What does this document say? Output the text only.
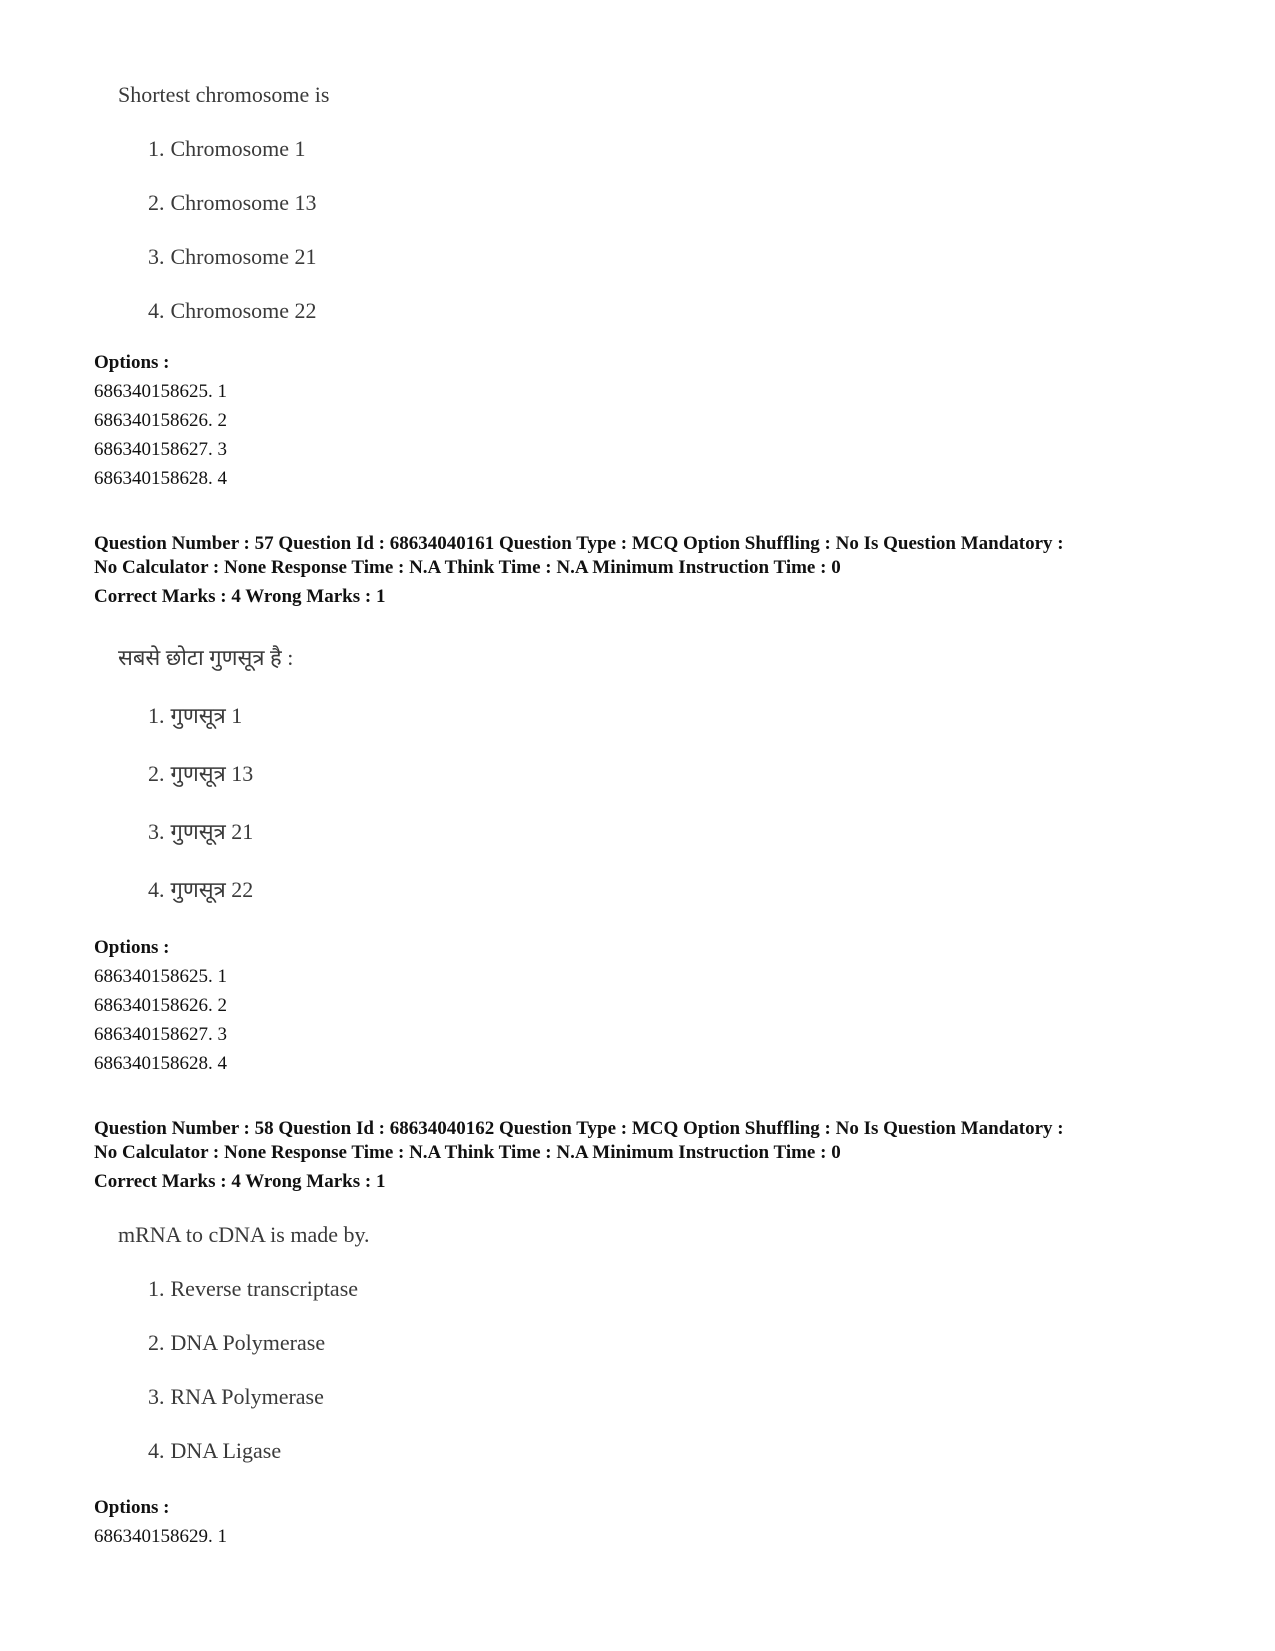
Shortest chromosome is
1. Chromosome 1
2. Chromosome 13
3. Chromosome 21
4. Chromosome 22
Options :
686340158625. 1
686340158626. 2
686340158627. 3
686340158628. 4
Question Number : 57 Question Id : 68634040161 Question Type : MCQ Option Shuffling : No Is Question Mandatory :
No Calculator : None Response Time : N.A Think Time : N.A Minimum Instruction Time : 0
Correct Marks : 4 Wrong Marks : 1
सबसे छोटा गुणसूत्र है :
1. गुणसूत्र 1
2. गुणसूत्र 13
3. गुणसूत्र 21
4. गुणसूत्र 22
Options :
686340158625. 1
686340158626. 2
686340158627. 3
686340158628. 4
Question Number : 58 Question Id : 68634040162 Question Type : MCQ Option Shuffling : No Is Question Mandatory :
No Calculator : None Response Time : N.A Think Time : N.A Minimum Instruction Time : 0
Correct Marks : 4 Wrong Marks : 1
mRNA to cDNA is made by.
1. Reverse transcriptase
2. DNA Polymerase
3. RNA Polymerase
4. DNA Ligase
Options :
686340158629. 1
